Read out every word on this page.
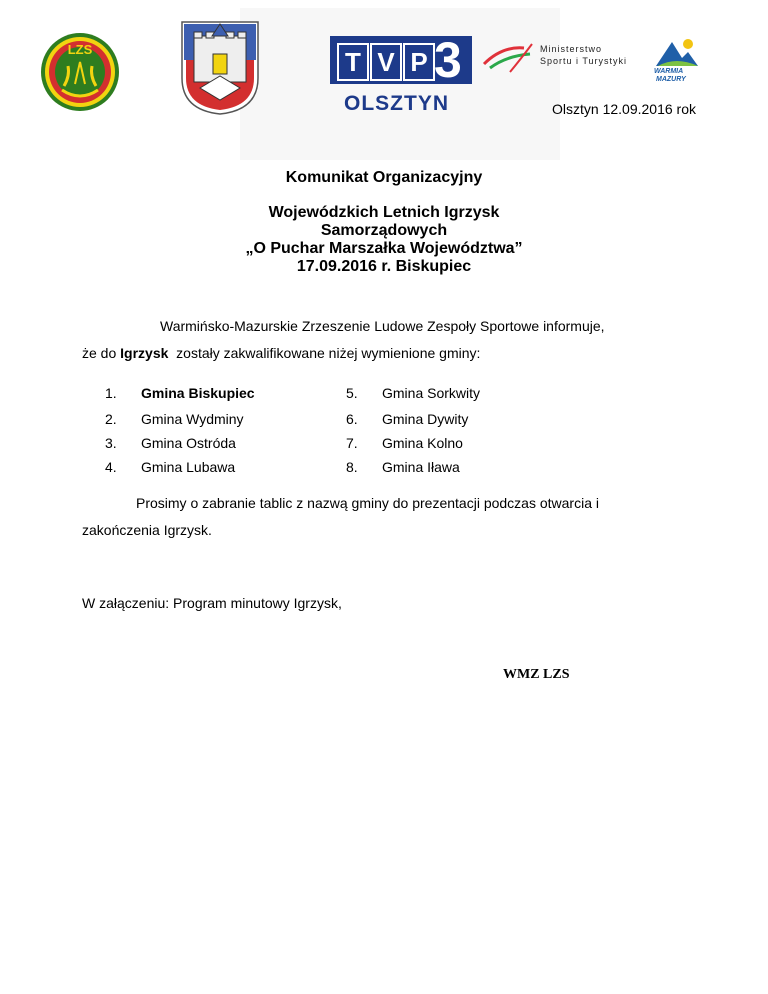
LZS	T V P 3
OLSZTYN
Ministerstwo
Sportu i Turystyki
WARMIA
MAZURY
Olsztyn 12.09.2016 rok
Komunikat Organizacyjny
Wojewódzkich Letnich Igrzysk
Samorządowych
„O Puchar Marszałka Województwa”
17.09.2016 r. Biskupiec
Warmińsko-Mazurskie Zrzeszenie Ludowe Zespoły Sportowe informuje,
że do Igrzysk  zostały zakwalifikowane niżej wymienione gminy:
1. Gmina Biskupiec	5. Gmina Sorkwity
2. Gmina Wydminy	6. Gmina Dywity
3. Gmina Ostróda	7. Gmina Kolno
4. Gmina Lubawa	8. Gmina Iława
Prosimy o zabranie tablic z nazwą gminy do prezentacji podczas otwarcia i
zakończenia Igrzysk.
W załączeniu: Program minutowy Igrzysk,
WMZ LZS
